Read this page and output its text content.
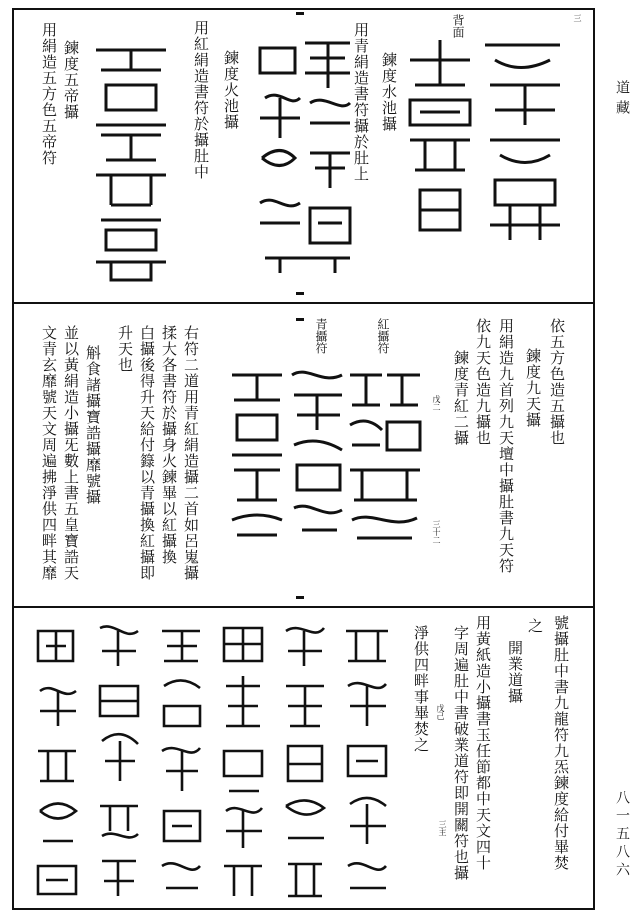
道藏
八一五八六
用絹造五方色五帝符 鍊度五帝攝	用紅絹造書符於攝肚中 鍊度火池攝	用青絹造書符攝於肚上 鍊度水池攝
背面	三
文青玄靡號天文周遍拂淨供四畔其靡 並以黃絹造小攝旡數上書五皇寶誥天 斛食諸攝寶誥攝靡號攝 升天也 白攝後得升天給付籙以青攝換紅攝即 揉大各書符於攝身火鍊畢以紅攝換 右符二道用青紅絹造攝二首如呂嵬攝	青攝符	紅攝符
鍊度青紅二攝 依九天色造九攝也 用絹造九首列九天壇中攝肚書九天符 鍊度九天攝 依五方色造五攝也
三十二
戊二
淨供四畔事畢焚之 字周遍肚中書破業道符即開關符也攝 用黃紙造小攝書玉任節都中天文四十 開業道攝
之 號攝肚中書九龍符九炁鍊度給付畢焚
三主
戊己
